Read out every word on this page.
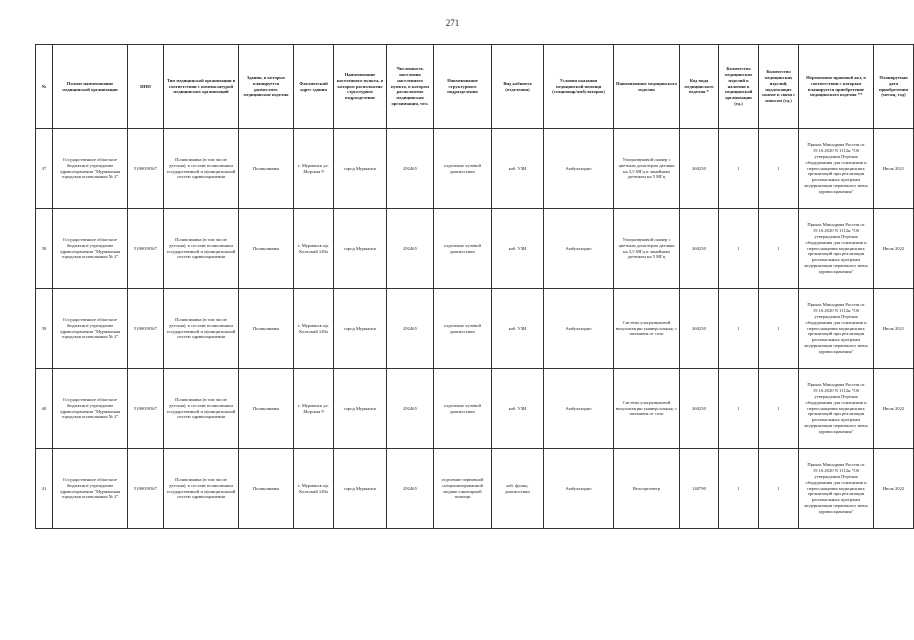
271
№	Полное наименование медицинской организации	ИНН	Тип медицинской организации в соответствии с номенклатурой медицинских организаций	Здания, в которых планируется разместить медицинские изделия	Фактический адрес здания	Наименование населенного пункта, в котором расположено структурное подразделение	Численность населения населенного пункта, в котором расположено медицинская организация, чел.	Наименование структурного подразделения	Вид кабинета (отделения)	Условия оказания медицинской помощи (стационар/амбулаторно)	Наименование медицинского изделия	Код вида медицинского изделия *	Количество медицинских изделий в наличии в медицинской организации (ед.)	Количество медицинских изделий, подлежащих замене в связи с износом (ед.)	Нормативно-правовой акт, в соответствии с которым планируется приобретение медицинского изделия **	Планируемая дата приобретения (месяц, год)
37	Государственное областное бюджетное учреждение здравоохранения "Мурманская городская поликлиника № 2"	5190039367	Поликлиника (в том числе детская), в составе поликлиники государственной и муниципальной систем здравоохранения	Поликлиника	г. Мурманск ул. Морская 9	город Мурманск	292465	отделение лучевой диагностики	каб. УЗИ	Амбулаторно	Ультразвуковой сканер с цветным допплером датчика на 3,5 МГц и линейным датчиком на 5 МГц	260250	1	1	Приказ Минздрава России от 19.10.2020 N 1112н "Об утверждении Перечня оборудования для оснащения и переоснащения медицинских организаций при реализации региональных программ модернизации первичного звена здравоохранения"	Июль 2021
38	Государственное областное бюджетное учреждение здравоохранения "Мурманская городская поликлиника № 2"	5190039367	Поликлиника (в том числе детская), в составе поликлиники государственной и муниципальной систем здравоохранения	Поликлиника	г. Мурманск пр. Кольский 149а	город Мурманск	292465	отделение лучевой диагностики	каб. УЗИ	Амбулаторно	Ультразвуковой сканер с цветным допплером датчика на 3,5 МГц и линейным датчиком на 5 МГц	260250	1	1	Приказ Минздрава России от 19.10.2020 N 1112н "Об утверждении Перечня оборудования для оснащения и переоснащения медицинских организаций при реализации региональных программ модернизации первичного звена здравоохранения"	Июль 2022
39	Государственное областное бюджетное учреждение здравоохранения "Мурманская городская поликлиника № 2"	5190039367	Поликлиника (в том числе детская), в составе поликлиники государственной и муниципальной систем здравоохранения	Поликлиника	г. Мурманск пр. Кольский 149а	город Мурманск	292465	отделение лучевой диагностики	каб. УЗИ	Амбулаторно	Система ультразвуковой визуализации универсальная, с питанием от сети	260250	1	1	Приказ Минздрава России от 19.10.2020 N 1112н "Об утверждении Перечня оборудования для оснащения и переоснащения медицинских организаций при реализации региональных программ модернизации первичного звена здравоохранения"	Июль 2021
40	Государственное областное бюджетное учреждение здравоохранения "Мурманская городская поликлиника № 2"	5190039367	Поликлиника (в том числе детская), в составе поликлиники государственной и муниципальной систем здравоохранения	Поликлиника	г. Мурманск ул. Морская 9	город Мурманск	292465	отделение лучевой диагностики	каб. УЗИ	Амбулаторно	Система ультразвуковой визуализации универсальная, с питанием от сети	260250	1	1	Приказ Минздрава России от 19.10.2020 N 1112н "Об утверждении Перечня оборудования для оснащения и переоснащения медицинских организаций при реализации региональных программ модернизации первичного звена здравоохранения"	Июль 2022
41	Государственное областное бюджетное учреждение здравоохранения "Мурманская городская поликлиника № 2"	5190039367	Поликлиника (в том числе детская), в составе поликлиники государственной и муниципальной систем здравоохранения	Поликлиника	г. Мурманск пр. Кольский 149а	город Мурманск	292465	отделение первичной специализированной медико-санитарной помощи	каб. функц. диагностики	Амбулаторно	Велоэргометр	140790	1	1	Приказ Минздрава России от 19.10.2020 N 1112н "Об утверждении Перечня оборудования для оснащения и переоснащения медицинских организаций при реализации региональных программ модернизации первичного звена здравоохранения"	Июль 2022
